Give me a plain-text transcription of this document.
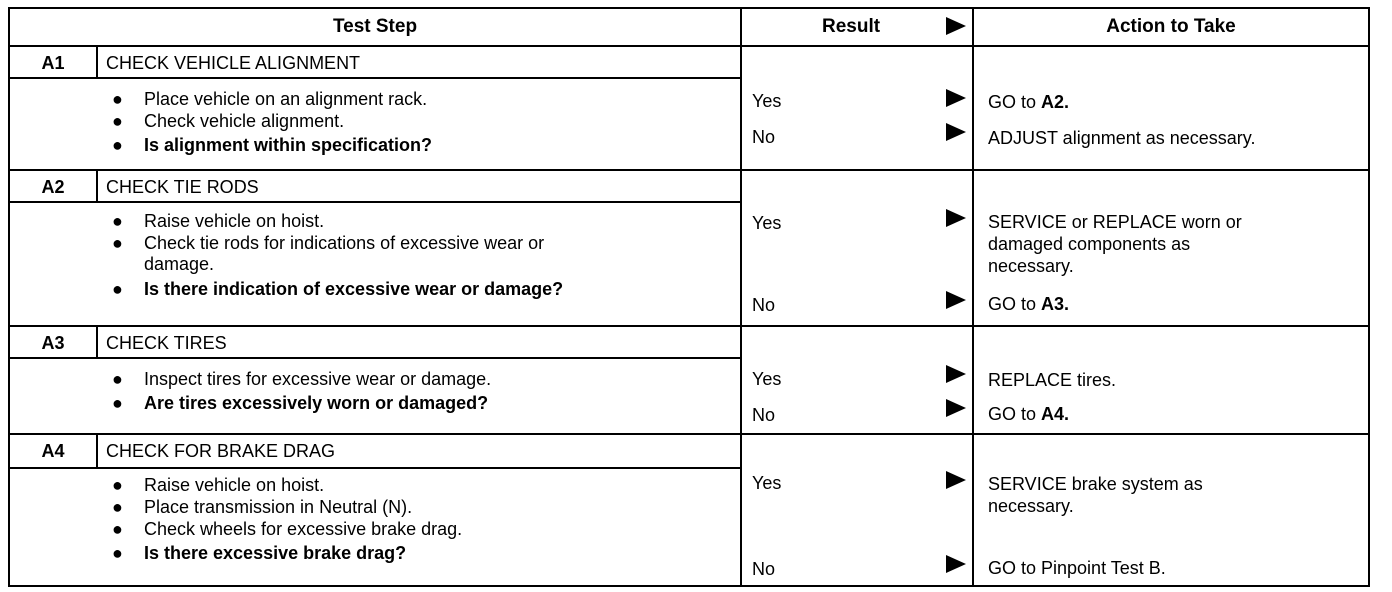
Test Step	Result	Action to Take
A1	CHECK VEHICLE ALIGNMENT
● Place vehicle on an alignment rack.
● Check vehicle alignment.
● Is alignment within specification?
Yes	GO to A2.
No	ADJUST alignment as necessary.
A2	CHECK TIE RODS
● Raise vehicle on hoist.
● Check tie rods for indications of excessive wear or
damage.
● Is there indication of excessive wear or damage?
Yes	SERVICE or REPLACE worn or
damaged components as
necessary.
No	GO to A3.
A3	CHECK TIRES
● Inspect tires for excessive wear or damage.
● Are tires excessively worn or damaged?
Yes	REPLACE tires.
No	GO to A4.
A4	CHECK FOR BRAKE DRAG
● Raise vehicle on hoist.
● Place transmission in Neutral (N).
● Check wheels for excessive brake drag.
● Is there excessive brake drag?
Yes	SERVICE brake system as
necessary.
No	GO to Pinpoint Test B.
